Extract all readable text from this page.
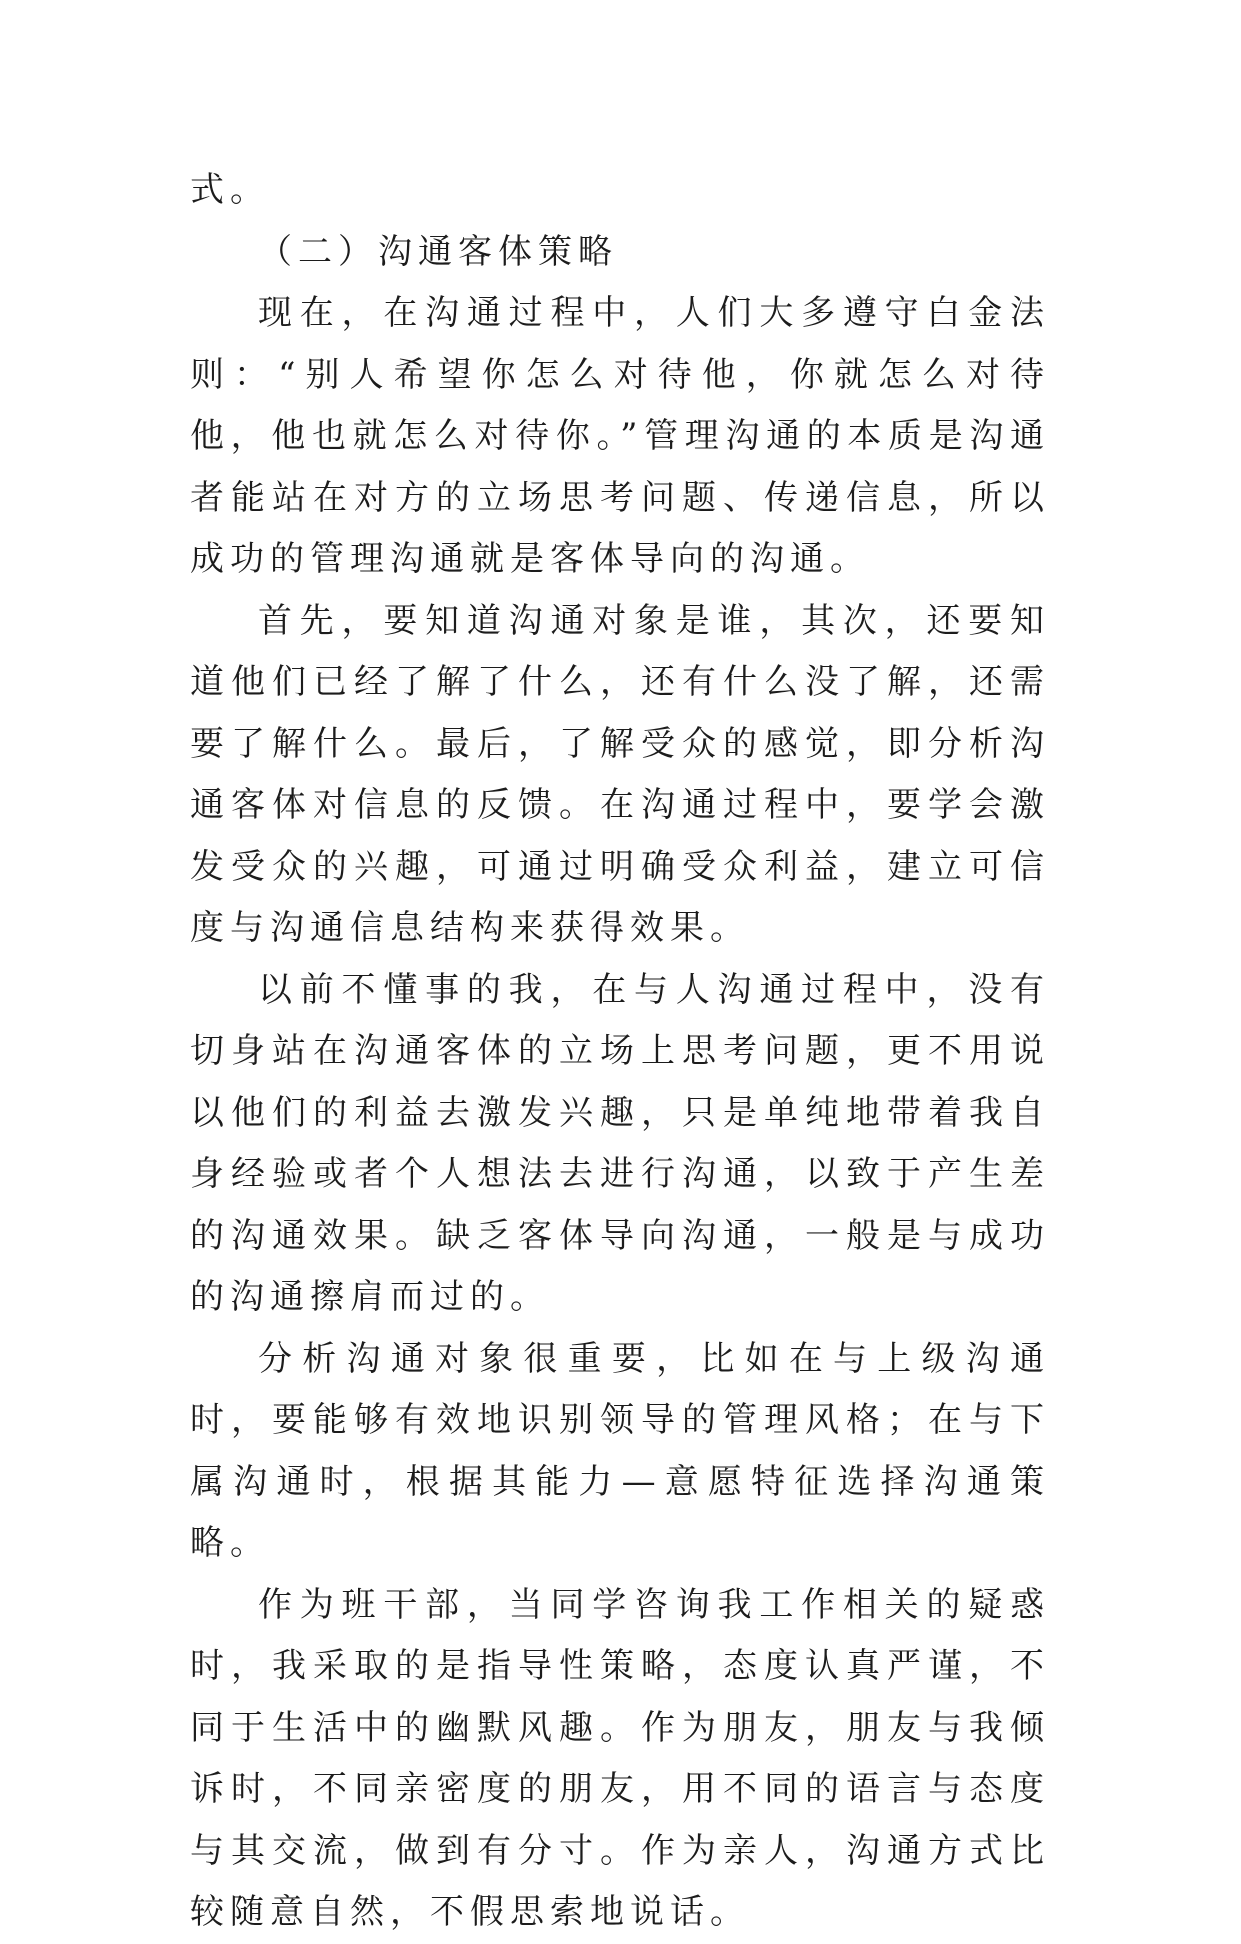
式。

（二）沟通客体策略

现在，在沟通过程中，人们大多遵守白金法则：“别人希望你怎么对待他，你就怎么对待他，他也就怎么对待你。”管理沟通的本质是沟通者能站在对方的立场思考问题、传递信息，所以成功的管理沟通就是客体导向的沟通。

首先，要知道沟通对象是谁，其次，还要知道他们已经了解了什么，还有什么没了解，还需要了解什么。最后，了解受众的感觉，即分析沟通客体对信息的反馈。在沟通过程中，要学会激发受众的兴趣，可通过明确受众利益，建立可信度与沟通信息结构来获得效果。

以前不懂事的我，在与人沟通过程中，没有切身站在沟通客体的立场上思考问题，更不用说以他们的利益去激发兴趣，只是单纯地带着我自身经验或者个人想法去进行沟通，以致于产生差的沟通效果。缺乏客体导向沟通，一般是与成功的沟通擦肩而过的。

分析沟通对象很重要，比如在与上级沟通时，要能够有效地识别领导的管理风格；在与下属沟通时，根据其能力—意愿特征选择沟通策略。

作为班干部，当同学咨询我工作相关的疑惑时，我采取的是指导性策略，态度认真严谨，不同于生活中的幽默风趣。作为朋友，朋友与我倾诉时，不同亲密度的朋友，用不同的语言与态度与其交流，做到有分寸。作为亲人，沟通方式比较随意自然，不假思索地说话。
